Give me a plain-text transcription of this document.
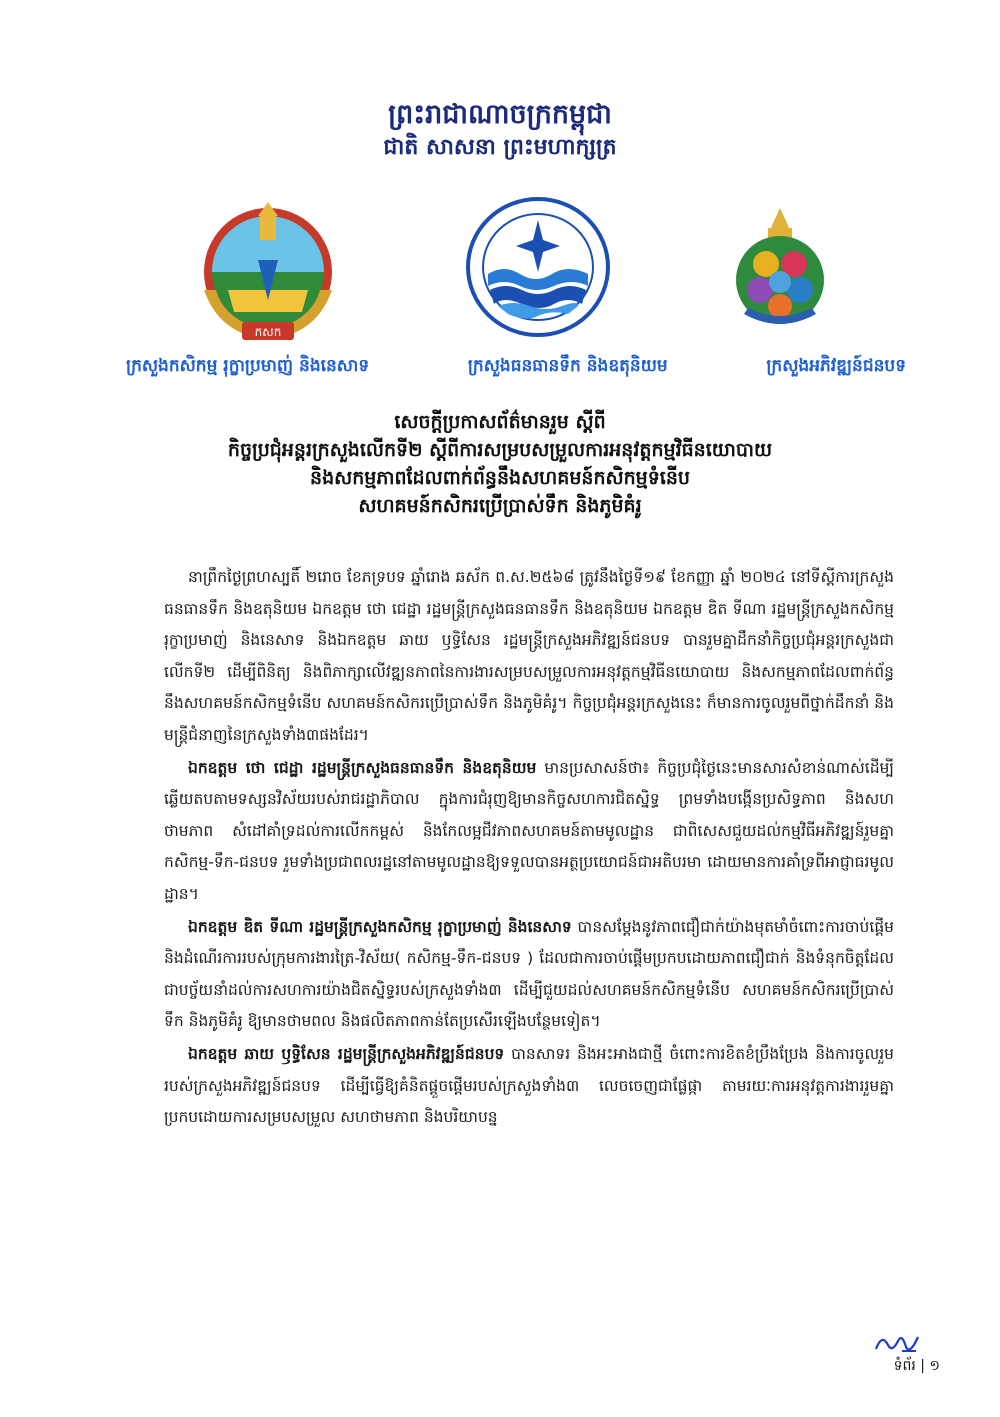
ព្រះរាជាណាចក្រកម្ពុជា
ជាតិ សាសនា ព្រះមហាក្សត្រ
កសក
ក្រសួងកសិកម្ម រុក្ខាប្រមាញ់ និងនេសាទ	ក្រសួងធនធានទឹក និងឧតុនិយម	ក្រសួងអភិវឌ្ឍន៍ជនបទ
សេចក្តីប្រកាសព័ត៌មានរួម ស្តីពី
កិច្ចប្រជុំអន្តរក្រសួងលើកទី២ ស្តីពីការសម្របសម្រួលការអនុវត្តកម្មវិធីនយោបាយ
និងសកម្មភាពដែលពាក់ព័ន្ធនឹងសហគមន៍កសិកម្មទំនើប
សហគមន៍កសិករប្រើប្រាស់ទឹក និងភូមិគំរូ

នាព្រឹកថ្ងៃព្រហស្បតិ៍ ២រោច ខែភទ្របទ ឆ្នាំរោង ឆស័ក ព.ស.២៥៦៨ ត្រូវនឹងថ្ងៃទី១៩ ខែកញ្ញា ឆ្នាំ ២០២៤ នៅទីស្តីការក្រសួងធនធានទឹក និងឧតុនិយម ឯកឧត្តម ថោ ជេដ្ឋា រដ្ឋមន្ត្រីក្រសួងធនធានទឹក និងឧតុនិយម ឯកឧត្តម ឌិត ទីណា រដ្ឋមន្ត្រីក្រសួងកសិកម្ម រុក្ខាប្រមាញ់ និងនេសាទ និងឯកឧត្តម ឆាយ ឫទ្ធិសែន រដ្ឋមន្ត្រីក្រសួងអភិវឌ្ឍន៍ជនបទ បានរួមគ្នាដឹកនាំកិច្ចប្រជុំអន្តរក្រសួងជាលើកទី២ ដើម្បីពិនិត្យ និងពិភាក្សាលើវឌ្ឍនភាពនៃការងារសម្របសម្រួលការអនុវត្តកម្មវិធីនយោបាយ និងសកម្មភាពដែលពាក់ព័ន្ធនឹងសហគមន៍កសិកម្មទំនើប សហគមន៍កសិករប្រើប្រាស់ទឹក និងភូមិគំរូ។ កិច្ចប្រជុំអន្តរក្រសួងនេះ ក៏មានការចូលរួមពីថ្នាក់ដឹកនាំ និងមន្ត្រីជំនាញនៃក្រសួងទាំង៣ផងដែរ។

ឯកឧត្តម ថោ ជេដ្ឋា រដ្ឋមន្ត្រីក្រសួងធនធានទឹក និងឧតុនិយម មានប្រសាសន៍ថា៖ កិច្ចប្រជុំថ្ងៃនេះមានសារសំខាន់ណាស់ដើម្បីឆ្លើយតបតាមទស្សនវិស័យរបស់រាជរដ្ឋាភិបាល ក្នុងការជំរុញឱ្យមានកិច្ចសហការជិតស្និទ្ធ ព្រមទាំងបង្កើនប្រសិទ្ធភាព និងសហថាមភាព សំដៅគាំទ្រដល់ការលើកកម្ពស់ និងកែលម្អជីវភាពសហគមន៍តាមមូលដ្ឋាន ជាពិសេសជួយដល់កម្មវិធីអភិវឌ្ឍន៍រួមគ្នា កសិកម្ម-ទឹក-ជនបទ រួមទាំងប្រជាពលរដ្ឋនៅតាមមូលដ្ឋានឱ្យទទួលបានអត្ថប្រយោជន៍ជាអតិបរមា ដោយមានការគាំទ្រពីអាជ្ញាធរមូលដ្ឋាន។

ឯកឧត្តម ឌិត ទីណា រដ្ឋមន្ត្រីក្រសួងកសិកម្ម រុក្ខាប្រមាញ់ និងនេសាទ បានសម្តែងនូវភាពជឿជាក់យ៉ាងមុតមាំចំពោះការចាប់ផ្តើម និងដំណើរការរបស់ក្រុមការងារត្រៃ-វិស័យ( កសិកម្ម-ទឹក-ជនបទ ) ដែលជាការចាប់ផ្តើមប្រកបដោយភាពជឿជាក់ និងទំនុកចិត្តដែលជាបច្ច័យនាំដល់ការសហការយ៉ាងជិតស្និទ្ធរបស់ក្រសួងទាំង៣ ដើម្បីជួយដល់សហគមន៍កសិកម្មទំនើប សហគមន៍កសិករប្រើប្រាស់ទឹក និងភូមិគំរូ ឱ្យមានថាមពល និងផលិតភាពកាន់តែប្រសើរឡើងបន្ថែមទៀត។

ឯកឧត្តម ឆាយ ឫទ្ធិសែន រដ្ឋមន្ត្រីក្រសួងអភិវឌ្ឍន៍ជនបទ បានសាទរ និងអះអាងជាថ្មី ចំពោះការខិតខំប្រឹងប្រែង និងការចូលរួមរបស់ក្រសួងអភិវឌ្ឍន៍ជនបទ ដើម្បីធ្វើឱ្យគំនិតផ្តួចផ្តើមរបស់ក្រសួងទាំង៣ លេចចេញជាផ្លែផ្កា តាមរយៈការអនុវត្តការងាររួមគ្នាប្រកបដោយការសម្របសម្រួល សហថាមភាព និងបរិយាបន្ន

ទំព័រ | ១
